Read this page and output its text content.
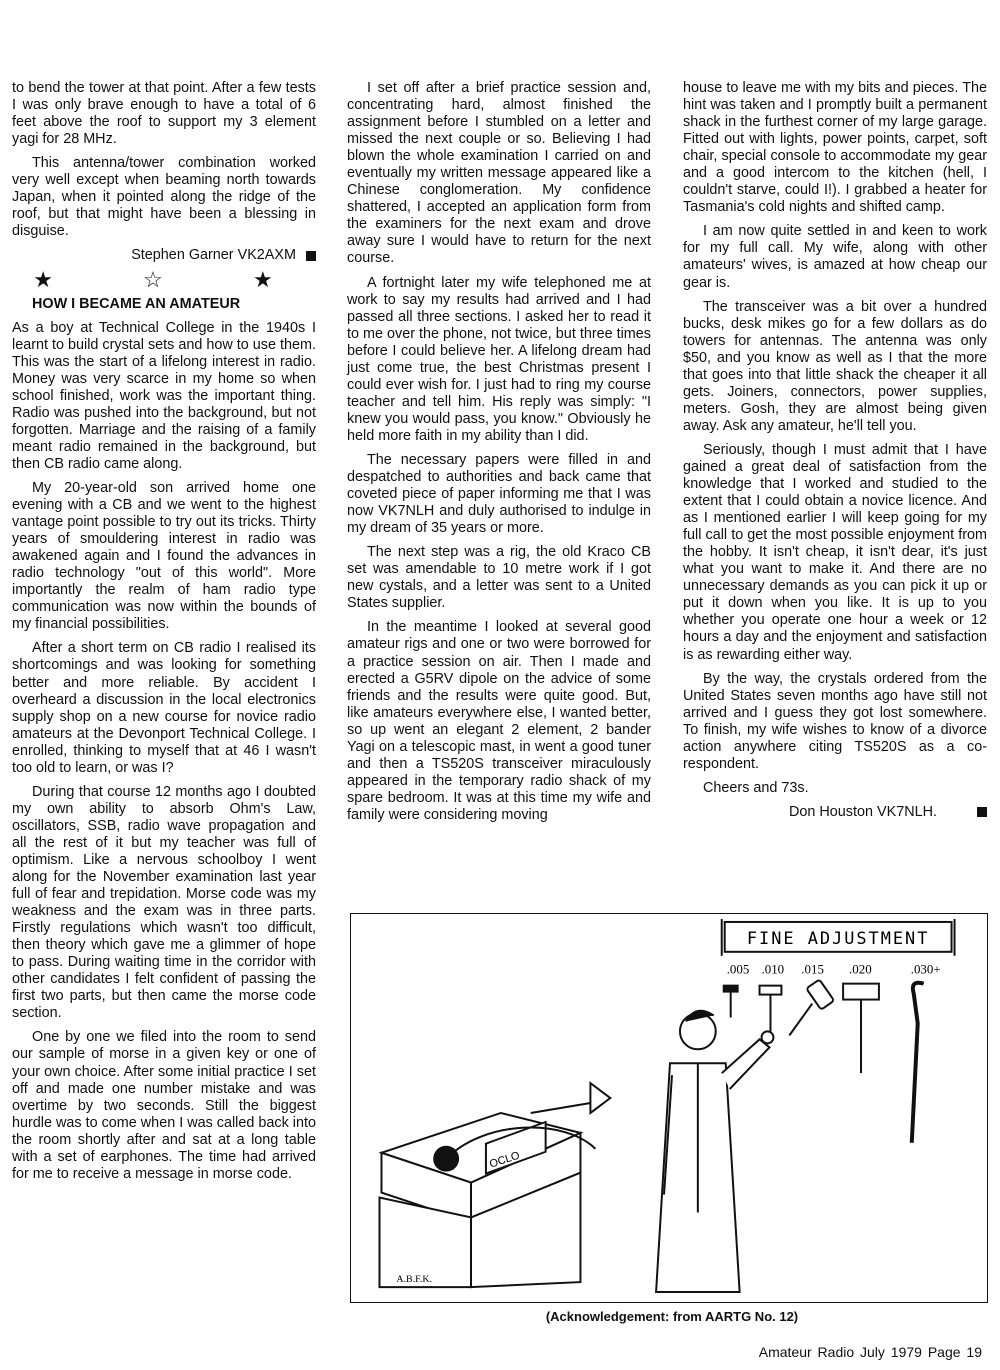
to bend the tower at that point. After a few tests I was only brave enough to have a total of 6 feet above the roof to support my 3 element yagi for 28 MHz.

This antenna/tower combination worked very well except when beaming north towards Japan, when it pointed along the ridge of the roof, but that might have been a blessing in disguise.

Stephen Garner VK2AXM

★ ☆ ★

HOW I BECAME AN AMATEUR

As a boy at Technical College in the 1940s I learnt to build crystal sets and how to use them. This was the start of a lifelong interest in radio. Money was very scarce in my home so when school finished, work was the important thing. Radio was pushed into the background, but not forgotten. Marriage and the raising of a family meant radio remained in the background, but then CB radio came along.

My 20-year-old son arrived home one evening with a CB and we went to the highest vantage point possible to try out its tricks. Thirty years of smouldering interest in radio was awakened again and I found the advances in radio technology "out of this world". More importantly the realm of ham radio type communication was now within the bounds of my financial possibilities.

After a short term on CB radio I realised its shortcomings and was looking for something better and more reliable. By accident I overheard a discussion in the local electronics supply shop on a new course for novice radio amateurs at the Devonport Technical College. I enrolled, thinking to myself that at 46 I wasn't too old to learn, or was I?

During that course 12 months ago I doubted my own ability to absorb Ohm's Law, oscillators, SSB, radio wave propagation and all the rest of it but my teacher was full of optimism. Like a nervous schoolboy I went along for the November examination last year full of fear and trepidation. Morse code was my weakness and the exam was in three parts. Firstly regulations which wasn't too difficult, then theory which gave me a glimmer of hope to pass. During waiting time in the corridor with other candidates I felt confident of passing the first two parts, but then came the morse code section.

One by one we filed into the room to send our sample of morse in a given key or one of your own choice. After some initial practice I set off and made one number mistake and was overtime by two seconds. Still the biggest hurdle was to come when I was called back into the room shortly after and sat at a long table with a set of earphones. The time had arrived for me to receive a message in morse code.

I set off after a brief practice session and, concentrating hard, almost finished the assignment before I stumbled on a letter and missed the next couple or so. Believing I had blown the whole examination I carried on and eventually my written message appeared like a Chinese conglomeration. My confidence shattered, I accepted an application form from the examiners for the next exam and drove away sure I would have to return for the next course.

A fortnight later my wife telephoned me at work to say my results had arrived and I had passed all three sections. I asked her to read it to me over the phone, not twice, but three times before I could believe her. A lifelong dream had just come true, the best Christmas present I could ever wish for. I just had to ring my course teacher and tell him. His reply was simply: "I knew you would pass, you know." Obviously he held more faith in my ability than I did.

The necessary papers were filled in and despatched to authorities and back came that coveted piece of paper informing me that I was now VK7NLH and duly authorised to indulge in my dream of 35 years or more.

The next step was a rig, the old Kraco CB set was amendable to 10 metre work if I got new cystals, and a letter was sent to a United States supplier.

In the meantime I looked at several good amateur rigs and one or two were borrowed for a practice session on air. Then I made and erected a G5RV dipole on the advice of some friends and the results were quite good. But, like amateurs everywhere else, I wanted better, so up went an elegant 2 element, 2 bander Yagi on a telescopic mast, in went a good tuner and then a TS520S transceiver miraculously appeared in the temporary radio shack of my spare bedroom. It was at this time my wife and family were considering moving

house to leave me with my bits and pieces. The hint was taken and I promptly built a permanent shack in the furthest corner of my large garage. Fitted out with lights, power points, carpet, soft chair, special console to accommodate my gear and a good intercom to the kitchen (hell, I couldn't starve, could I!). I grabbed a heater for Tasmania's cold nights and shifted camp.

I am now quite settled in and keen to work for my full call. My wife, along with other amateurs' wives, is amazed at how cheap our gear is.

The transceiver was a bit over a hundred bucks, desk mikes go for a few dollars as do towers for antennas. The antenna was only $50, and you know as well as I that the more that goes into that little shack the cheaper it all gets. Joiners, connectors, power supplies, meters. Gosh, they are almost being given away. Ask any amateur, he'll tell you.

Seriously, though I must admit that I have gained a great deal of satisfaction from the knowledge that I worked and studied to the extent that I could obtain a novice licence. And as I mentioned earlier I will keep going for my full call to get the most possible enjoyment from the hobby. It isn't cheap, it isn't dear, it's just what you want to make it. And there are no unnecessary demands as you can pick it up or put it down when you like. It is up to you whether you operate one hour a week or 12 hours a day and the enjoyment and satisfaction is as rewarding either way.

By the way, the crystals ordered from the United States seven months ago have still not arrived and I guess they got lost somewhere. To finish, my wife wishes to know of a divorce action anywhere citing TS520S as a co-respondent.

Cheers and 73s.

Don Houston VK7NLH.

FINE ADJUSTMENT
.005 .010 .015 .020	.030+
OCLO
A.B.F.K.
(Acknowledgement: from AARTG No. 12)
Amateur Radio July 1979 Page 19
